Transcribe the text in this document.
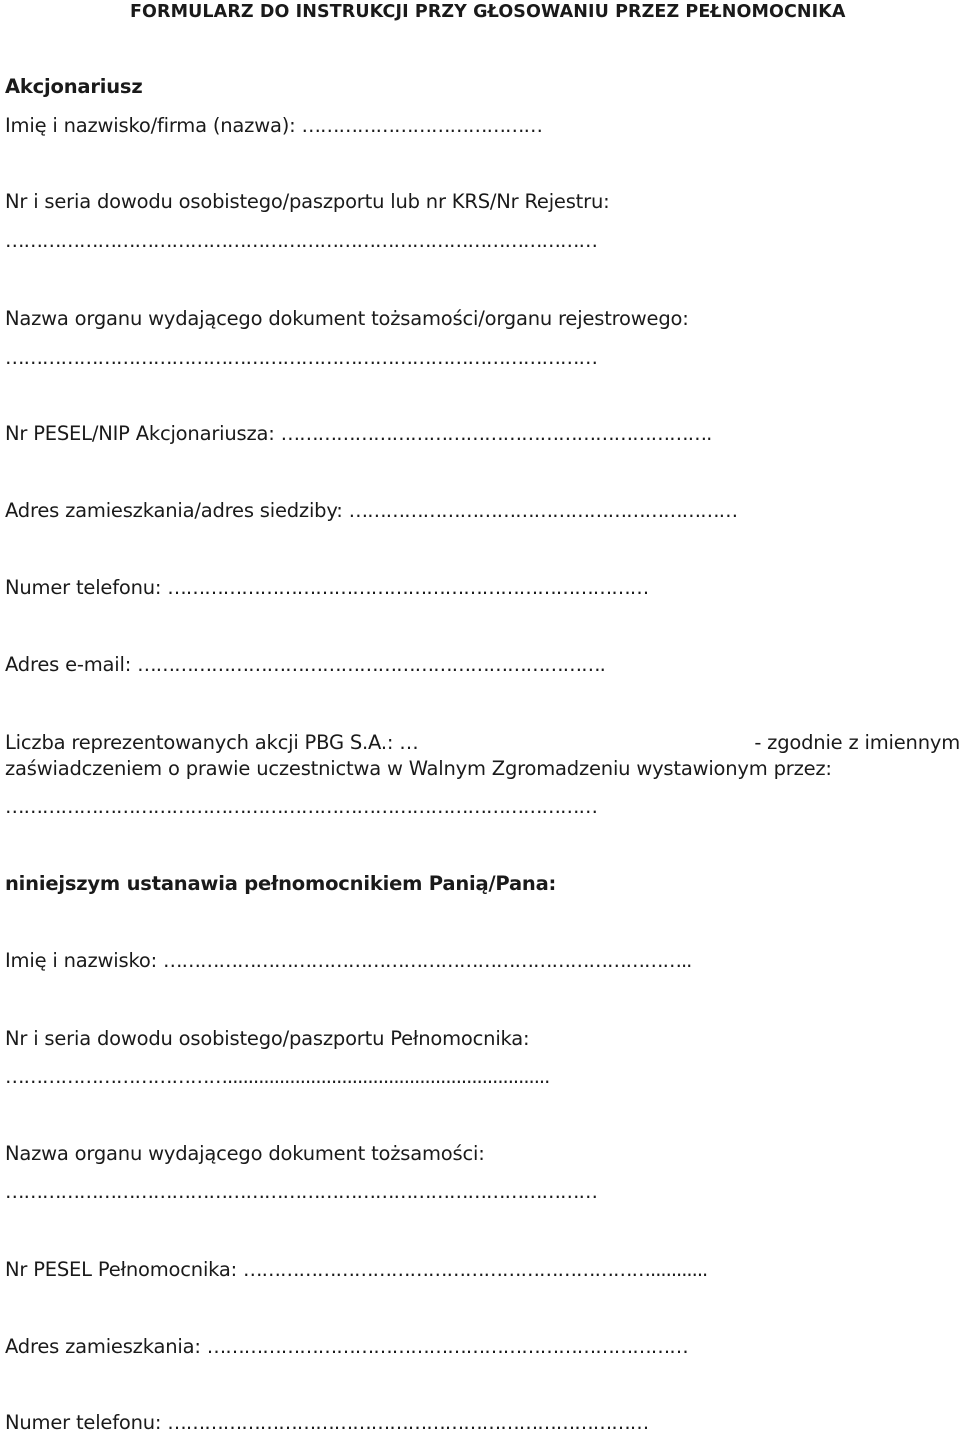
FORMULARZ DO INSTRUKCJI PRZY GŁOSOWANIU PRZEZ PEŁNOMOCNIKA
Akcjonariusz
Imię i nazwisko/firma (nazwa): …………………………………
Nr i seria dowodu osobistego/paszportu lub nr KRS/Nr Rejestru:
……………………………………………………………………………………
Nazwa organu wydającego dokument tożsamości/organu rejestrowego:
……………………………………………………………………………………
Nr PESEL/NIP Akcjonariusza: …………………………………………………………….
Adres zamieszkania/adres siedziby: ………………………………………………………
Numer telefonu: ……………………………………………………………………
Adres e-mail: ………………………………………………………………….
Liczba reprezentowanych akcji PBG S.A.: …	- zgodnie z imiennym
zaświadczeniem o prawie uczestnictwa w Walnym Zgromadzeniu wystawionym przez:
……………………………………………………………………………………
niniejszym ustanawia pełnomocnikiem Panią/Pana:
Imię i nazwisko: …………………………………………………………………………..
Nr i seria dowodu osobistego/paszportu Pełnomocnika:
………………………………..............................................................
Nazwa organu wydającego dokument tożsamości:
……………………………………………………………………………………
Nr PESEL Pełnomocnika: …………………………………………………………...........
Adres zamieszkania: ……………………………………………………………………
Numer telefonu: ……………………………………………………………………
